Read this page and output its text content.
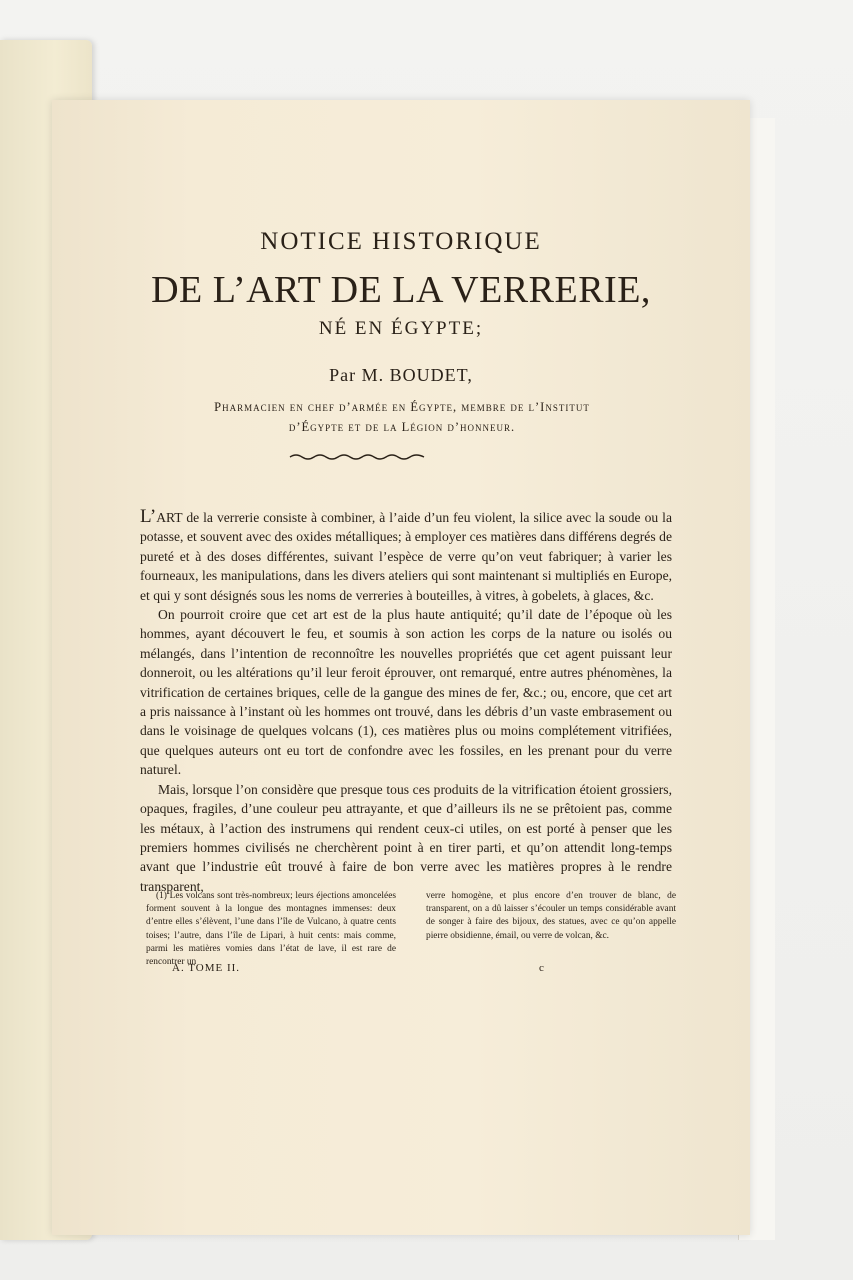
NOTICE HISTORIQUE
DE L’ART DE LA VERRERIE,
NÉ EN ÉGYPTE;
Par M. BOUDET,
Pharmacien en chef d’armée en Égypte, membre de l’Institut
d’Égypte et de la Légion d’honneur.

L’ART de la verrerie consiste à combiner, à l’aide d’un feu violent, la silice avec la soude ou la potasse, et souvent avec des oxides métalliques; à employer ces matières dans différens degrés de pureté et à des doses différentes, suivant l’espèce de verre qu’on veut fabriquer; à varier les fourneaux, les manipulations, dans les divers ateliers qui sont maintenant si multipliés en Europe, et qui y sont désignés sous les noms de verreries à bouteilles, à vitres, à gobelets, à glaces, &c.

On pourroit croire que cet art est de la plus haute antiquité; qu’il date de l’époque où les hommes, ayant découvert le feu, et soumis à son action les corps de la nature ou isolés ou mélangés, dans l’intention de reconnoître les nouvelles propriétés que cet agent puissant leur donneroit, ou les altérations qu’il leur feroit éprouver, ont remarqué, entre autres phénomènes, la vitrification de certaines briques, celle de la gangue des mines de fer, &c.; ou, encore, que cet art a pris naissance à l’instant où les hommes ont trouvé, dans les débris d’un vaste embrasement ou dans le voisinage de quelques volcans (1), ces matières plus ou moins complétement vitrifiées, que quelques auteurs ont eu tort de confondre avec les fossiles, en les prenant pour du verre naturel.

Mais, lorsque l’on considère que presque tous ces produits de la vitrification étoient grossiers, opaques, fragiles, d’une couleur peu attrayante, et que d’ailleurs ils ne se prêtoient pas, comme les métaux, à l’action des instrumens qui rendent ceux-ci utiles, on est porté à penser que les premiers hommes civilisés ne cherchèrent point à en tirer parti, et qu’on attendit long-temps avant que l’industrie eût trouvé à faire de bon verre avec les matières propres à le rendre transparent,

(1) Les volcans sont très-nombreux; leurs éjections amoncelées forment souvent à la longue des montagnes immenses: deux d’entre elles s’élèvent, l’une dans l’île de Vulcano, à quatre cents toises; l’autre, dans l’île de Lipari, à huit cents: mais comme, parmi les matières vomies dans l’état de lave, il est rare de rencontrer un

verre homogène, et plus encore d’en trouver de blanc, de transparent, on a dû laisser s’écouler un temps considérable avant de songer à faire des bijoux, des statues, avec ce qu’on appelle pierre obsidienne, émail, ou verre de volcan, &c.

A. TOME II.	c
